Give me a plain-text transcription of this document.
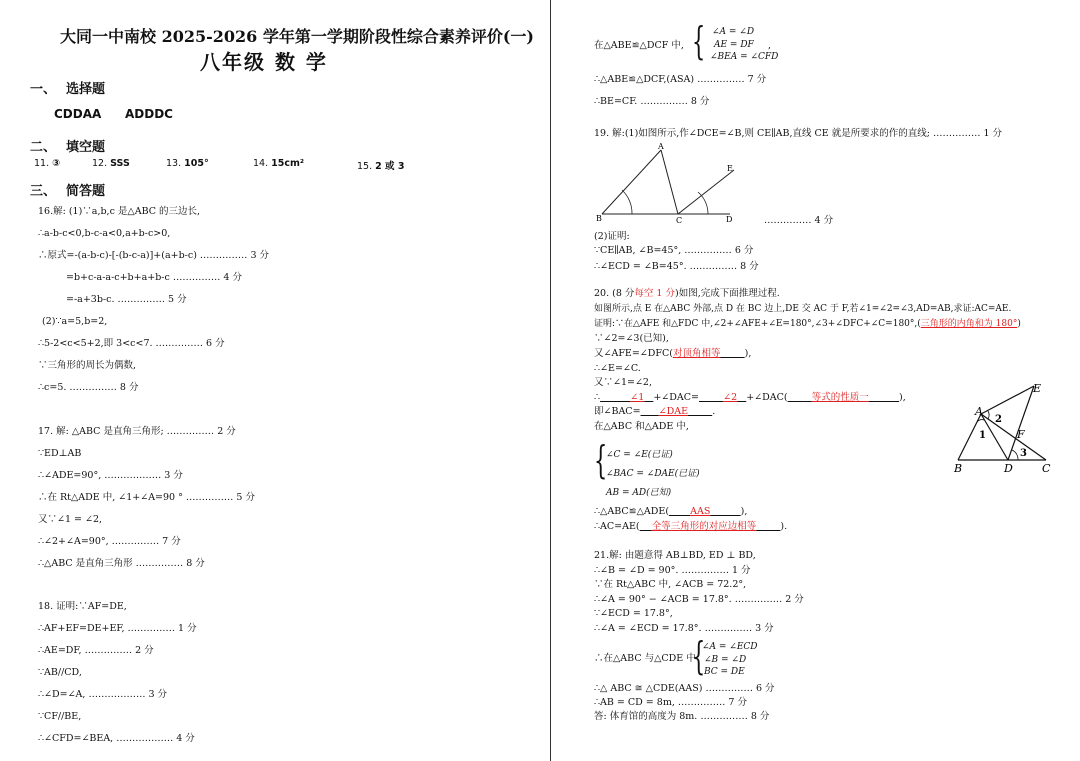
大同一中南校 2025-2026 学年第一学期阶段性综合素养评价(一)
八年级 数 学
一、 选择题
CDDAA ADDDC
二、 填空题
11. ③	12. SSS	13. 105°	14. 15cm²	15. 2 或 3
三、 简答题
16.解: (1)∵a,b,c 是△ABC 的三边长,
∴a-b-c<0,b-c-a<0,a+b-c>0,
∴原式=-(a-b-c)-[-(b-c-a)]+(a+b-c) …………… 3 分
=b+c-a-a-c+b+a+b-c …………… 4 分
=-a+3b-c. …………… 5 分
(2)∵a=5,b=2,
∴5-2<c<5+2,即 3<c<7. …………… 6 分
∵三角形的周长为偶数,
∴c=5. …………… 8 分
17. 解: △ABC 是直角三角形; …………… 2 分
∵ED⊥AB
∴∠ADE=90°, ……………… 3 分
∴在 Rt△ADE 中, ∠1+∠A=90 ° …………… 5 分
又∵∠1 = ∠2,
∴∠2+∠A=90°, …………… 7 分
∴△ABC 是直角三角形 …………… 8 分
18. 证明:∵AF=DE,
∴AF+EF=DE+EF, …………… 1 分
∴AE=DF, …………… 2 分
∵AB//CD,
∴∠D=∠A, ……………… 3 分
∵CF//BE,
∴∠CFD=∠BEA, ……………… 4 分
在△ABE≌△DCF 中, { ∠A = ∠D
AE = DF
∠BEA = ∠CFD
,
∴△ABE≌△DCF,(ASA) …………… 7 分
∴BE=CF. …………… 8 分
19. 解:(1)如图所示,作∠DCE=∠B,则 CE∥AB,直线 CE 就是所要求的作的直线; …………… 1 分
A
B	C	D
E
…………… 4 分
(2)证明:
∵CE∥AB, ∠B=45°, …………… 6 分
∴∠ECD = ∠B=45°. …………… 8 分
20. (8 分每空 1 分)如图,完成下面推理过程.
如图所示,点 E 在△ABC 外部,点 D 在 BC 边上,DE 交 AC 于 F,若∠1=∠2=∠3,AD=AB,求证:AC=AE.
证明:∵在△AFE 和△FDC 中,∠2+∠AFE+∠E=180°,∠3+∠DFC+∠C=180°,(三角形的内角和为 180°)
∵∠2=∠3(已知),
又∠AFE=∠DFC(对顶角相等	),
∴∠E=∠C.
又∵∠1=∠2,
∴	∠1 +∠DAC=	∠2 +∠DAC(	等式的性质一	),
即∠BAC= ∠DAE	.
在△ABC 和△ADE 中,
{
∠C = ∠E(已证)
∠BAC = ∠DAE(已证)
AB = AD(已知)
∴△ABC≌△ADE( AAS	),
∴AC=AE( 全等三角形的对应边相等	).
A
B	D	C
E
F
1
2
3
21.解: 由题意得 AB⊥BD, ED ⊥ BD,
∴∠B = ∠D = 90°. …………… 1 分
∵在 Rt△ABC 中, ∠ACB = 72.2°,
∴∠A = 90° − ∠ACB = 17.8°. …………… 2 分
∵∠ECD = 17.8°,
∴∠A = ∠ECD = 17.8°. …………… 3 分
∴在△ABC 与△CDE 中
{
∠A = ∠ECD
∠B = ∠D
BC = DE
∴△ ABC ≅ △CDE(AAS) …………… 6 分
∴AB = CD = 8m, …………… 7 分
答: 体育馆的高度为 8m. …………… 8 分
